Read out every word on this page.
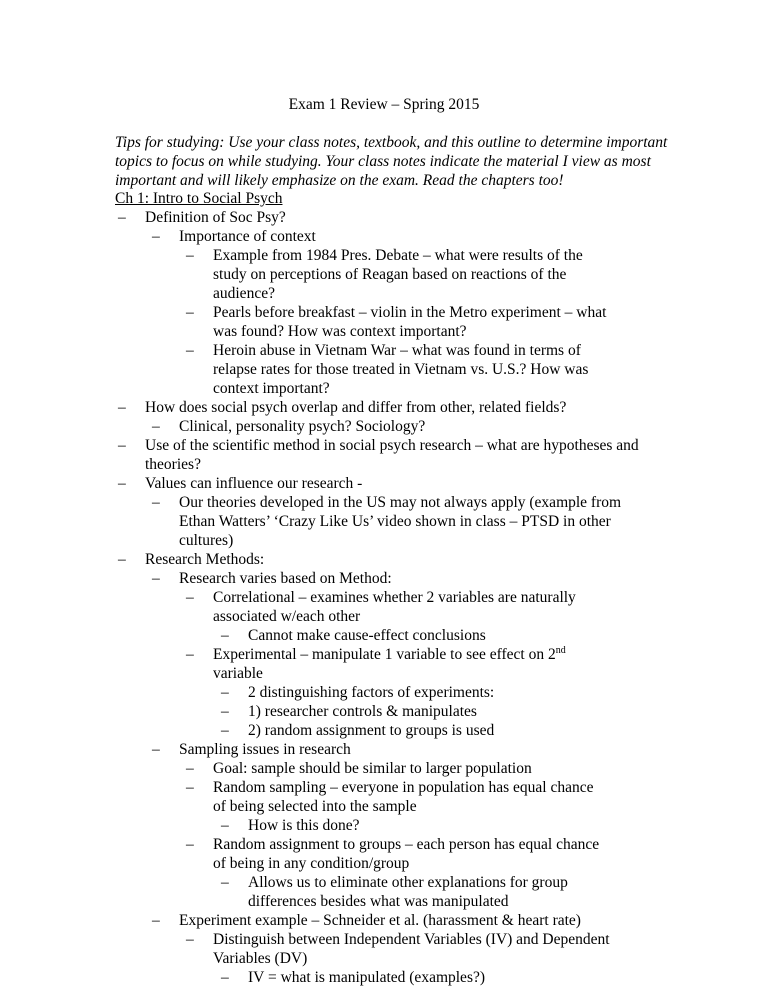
Exam 1 Review – Spring 2015
Tips for studying: Use your class notes, textbook, and this outline to determine important topics to focus on while studying. Your class notes indicate the material I view as most important and will likely emphasize on the exam. Read the chapters too!
Ch 1: Intro to Social Psych
–	Definition of Soc Psy?
–	Importance of context
–	Example from 1984 Pres. Debate – what were results of the study on perceptions of Reagan based on reactions of the audience?
–	Pearls before breakfast – violin in the Metro experiment – what was found? How was context important?
–	Heroin abuse in Vietnam War – what was found in terms of relapse rates for those treated in Vietnam vs. U.S.? How was context important?
–	How does social psych overlap and differ from other, related fields?
–	Clinical, personality psych? Sociology?
–	Use of the scientific method in social psych research – what are hypotheses and theories?
–	Values can influence our research -
–	Our theories developed in the US may not always apply (example from Ethan Watters’ ‘Crazy Like Us’ video shown in class – PTSD in other cultures)
–	Research Methods:
–	Research varies based on Method:
–	Correlational – examines whether 2 variables are naturally associated w/each other
–	Cannot make cause-effect conclusions
–	Experimental – manipulate 1 variable to see effect on 2nd variable
–	2 distinguishing factors of experiments:
–	1) researcher controls & manipulates
–	2) random assignment to groups is used
–	Sampling issues in research
–	Goal: sample should be similar to larger population
–	Random sampling – everyone in population has equal chance of being selected into the sample
–	How is this done?
–	Random assignment to groups – each person has equal chance of being in any condition/group
–	Allows us to eliminate other explanations for group differences besides what was manipulated
–	Experiment example – Schneider et al. (harassment & heart rate)
–	Distinguish between Independent Variables (IV) and Dependent Variables (DV)
–	IV = what is manipulated (examples?)
